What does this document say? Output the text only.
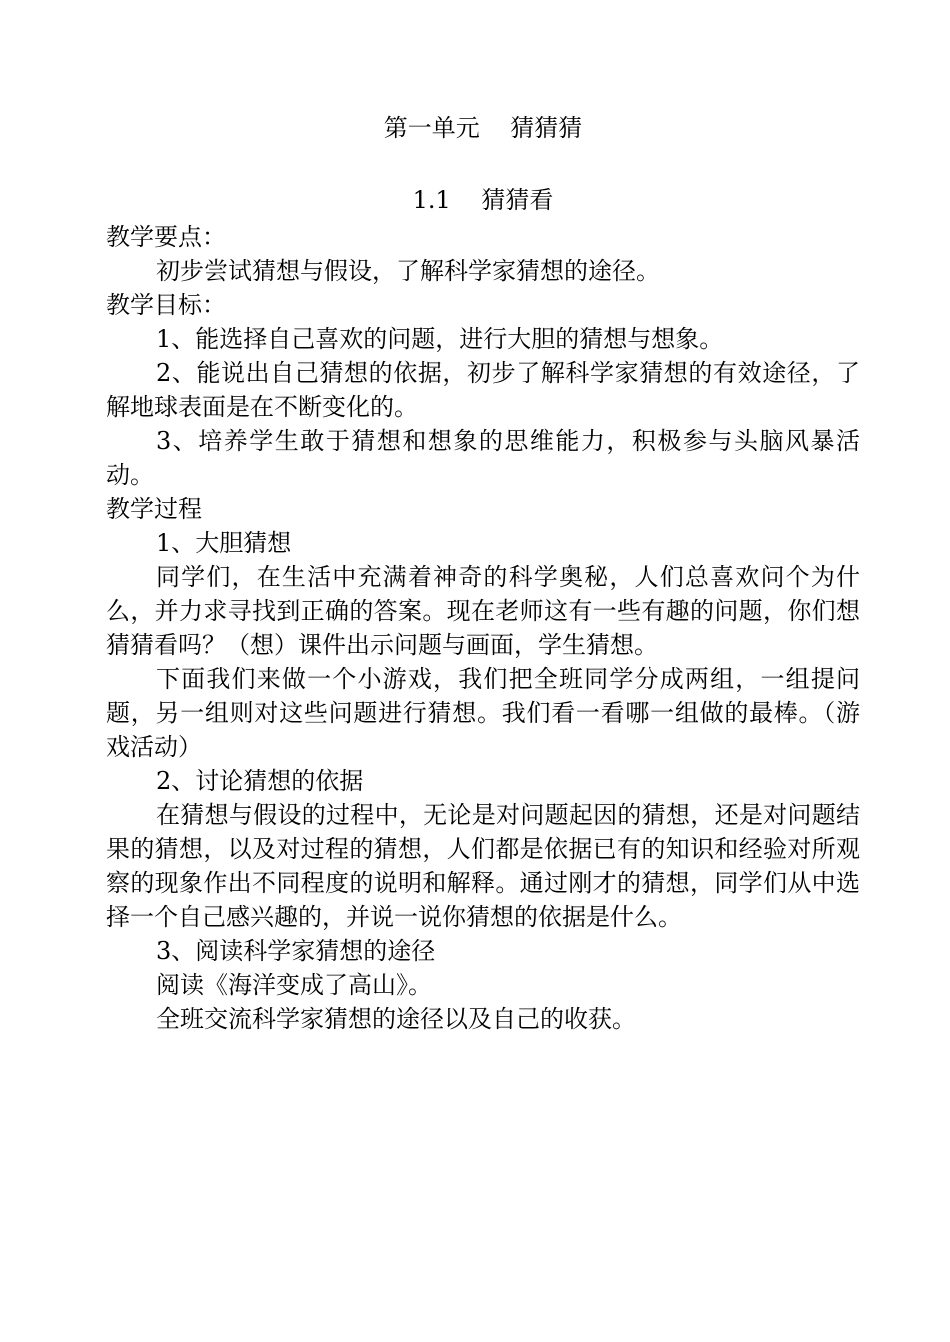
第一单元    猜猜猜
1.1    猜猜看

教学要点：

初步尝试猜想与假设，了解科学家猜想的途径。

教学目标：

1、能选择自己喜欢的问题，进行大胆的猜想与想象。

2、能说出自己猜想的依据，初步了解科学家猜想的有效途径，了解地球表面是在不断变化的。

3、培养学生敢于猜想和想象的思维能力，积极参与头脑风暴活动。

教学过程

1、大胆猜想

同学们，在生活中充满着神奇的科学奥秘，人们总喜欢问个为什么，并力求寻找到正确的答案。现在老师这有一些有趣的问题，你们想猜猜看吗？（想）课件出示问题与画面，学生猜想。

下面我们来做一个小游戏，我们把全班同学分成两组，一组提问题，另一组则对这些问题进行猜想。我们看一看哪一组做的最棒。（游戏活动）

2、讨论猜想的依据

在猜想与假设的过程中，无论是对问题起因的猜想，还是对问题结果的猜想，以及对过程的猜想，人们都是依据已有的知识和经验对所观察的现象作出不同程度的说明和解释。通过刚才的猜想，同学们从中选择一个自己感兴趣的，并说一说你猜想的依据是什么。

3、阅读科学家猜想的途径

阅读《海洋变成了高山》。

全班交流科学家猜想的途径以及自己的收获。
